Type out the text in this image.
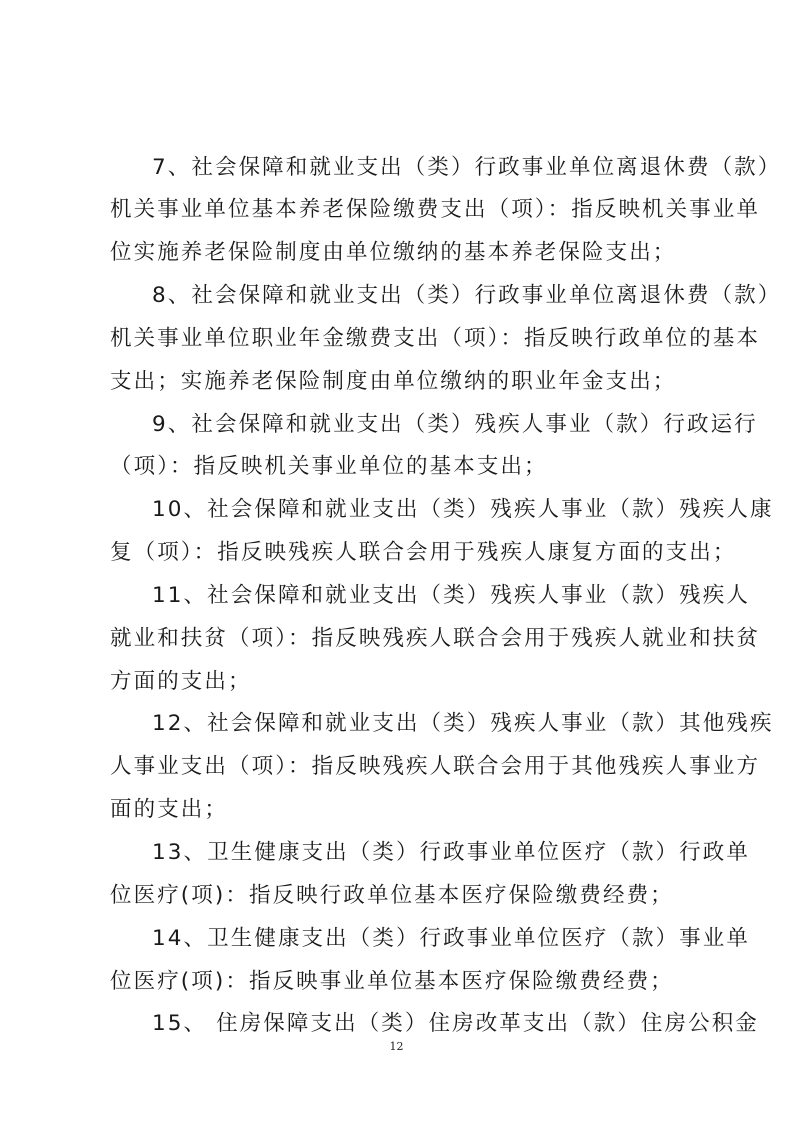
7、社会保障和就业支出（类）行政事业单位离退休费（款）
机关事业单位基本养老保险缴费支出（项）：指反映机关事业单
位实施养老保险制度由单位缴纳的基本养老保险支出；
8、社会保障和就业支出（类）行政事业单位离退休费（款）
机关事业单位职业年金缴费支出（项）：指反映行政单位的基本
支出；实施养老保险制度由单位缴纳的职业年金支出；
9、社会保障和就业支出（类）残疾人事业（款）行政运行
（项）：指反映机关事业单位的基本支出；
10、社会保障和就业支出（类）残疾人事业（款）残疾人康
复（项）：指反映残疾人联合会用于残疾人康复方面的支出；
11、社会保障和就业支出（类）残疾人事业（款）残疾人
就业和扶贫（项）：指反映残疾人联合会用于残疾人就业和扶贫
方面的支出；
12、社会保障和就业支出（类）残疾人事业（款）其他残疾
人事业支出（项）：指反映残疾人联合会用于其他残疾人事业方
面的支出；
13、卫生健康支出（类）行政事业单位医疗（款）行政单
位医疗(项)：指反映行政单位基本医疗保险缴费经费；
14、卫生健康支出（类）行政事业单位医疗（款）事业单
位医疗(项)：指反映事业单位基本医疗保险缴费经费；
15、 住房保障支出（类）住房改革支出（款）住房公积金
12
